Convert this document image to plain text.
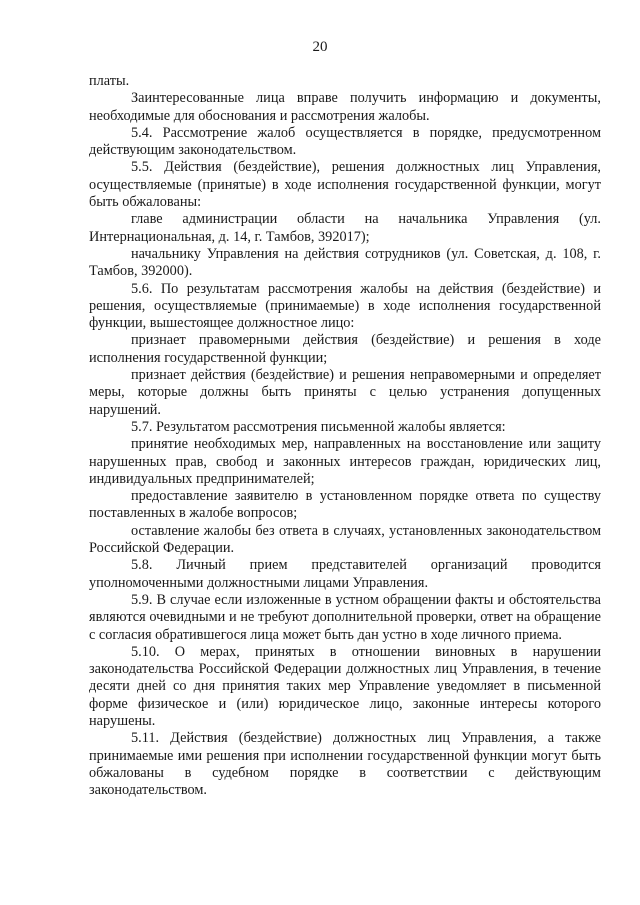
20

платы.

Заинтересованные лица вправе получить информацию и документы, необходимые для обоснования и рассмотрения жалобы.

5.4. Рассмотрение жалоб осуществляется в порядке, предусмотренном действующим законодательством.

5.5. Действия (бездействие), решения должностных лиц Управления, осуществляемые (принятые) в ходе исполнения государственной функции, могут быть обжалованы:

главе администрации области на начальника Управления (ул. Интернациональная, д. 14, г. Тамбов, 392017);

начальнику Управления на действия сотрудников (ул. Советская, д. 108, г. Тамбов, 392000).

5.6. По результатам рассмотрения жалобы на действия (бездействие) и решения, осуществляемые (принимаемые) в ходе исполнения государственной функции, вышестоящее должностное лицо:

признает правомерными действия (бездействие) и решения в ходе исполнения государственной функции;

признает действия (бездействие) и решения неправомерными и определяет меры, которые должны быть приняты с целью устранения допущенных нарушений.

5.7. Результатом рассмотрения письменной жалобы является:

принятие необходимых мер, направленных на восстановление или защиту нарушенных прав, свобод и законных интересов граждан, юридических лиц, индивидуальных предпринимателей;

предоставление заявителю в установленном порядке ответа по существу поставленных в жалобе вопросов;

оставление жалобы без ответа в случаях, установленных законодательством Российской Федерации.

5.8. Личный прием представителей организаций проводится уполномоченными должностными лицами Управления.

5.9. В случае если изложенные в устном обращении факты и обстоятельства являются очевидными и не требуют дополнительной проверки, ответ на обращение с согласия обратившегося лица может быть дан устно в ходе личного приема.

5.10. О мерах, принятых в отношении виновных в нарушении законодательства Российской Федерации должностных лиц Управления, в течение десяти дней со дня принятия таких мер Управление уведомляет в письменной форме физическое и (или) юридическое лицо, законные интересы которого нарушены.

5.11. Действия (бездействие) должностных лиц Управления, а также принимаемые ими решения при исполнении государственной функции могут быть обжалованы в судебном порядке в соответствии с действующим законодательством.
